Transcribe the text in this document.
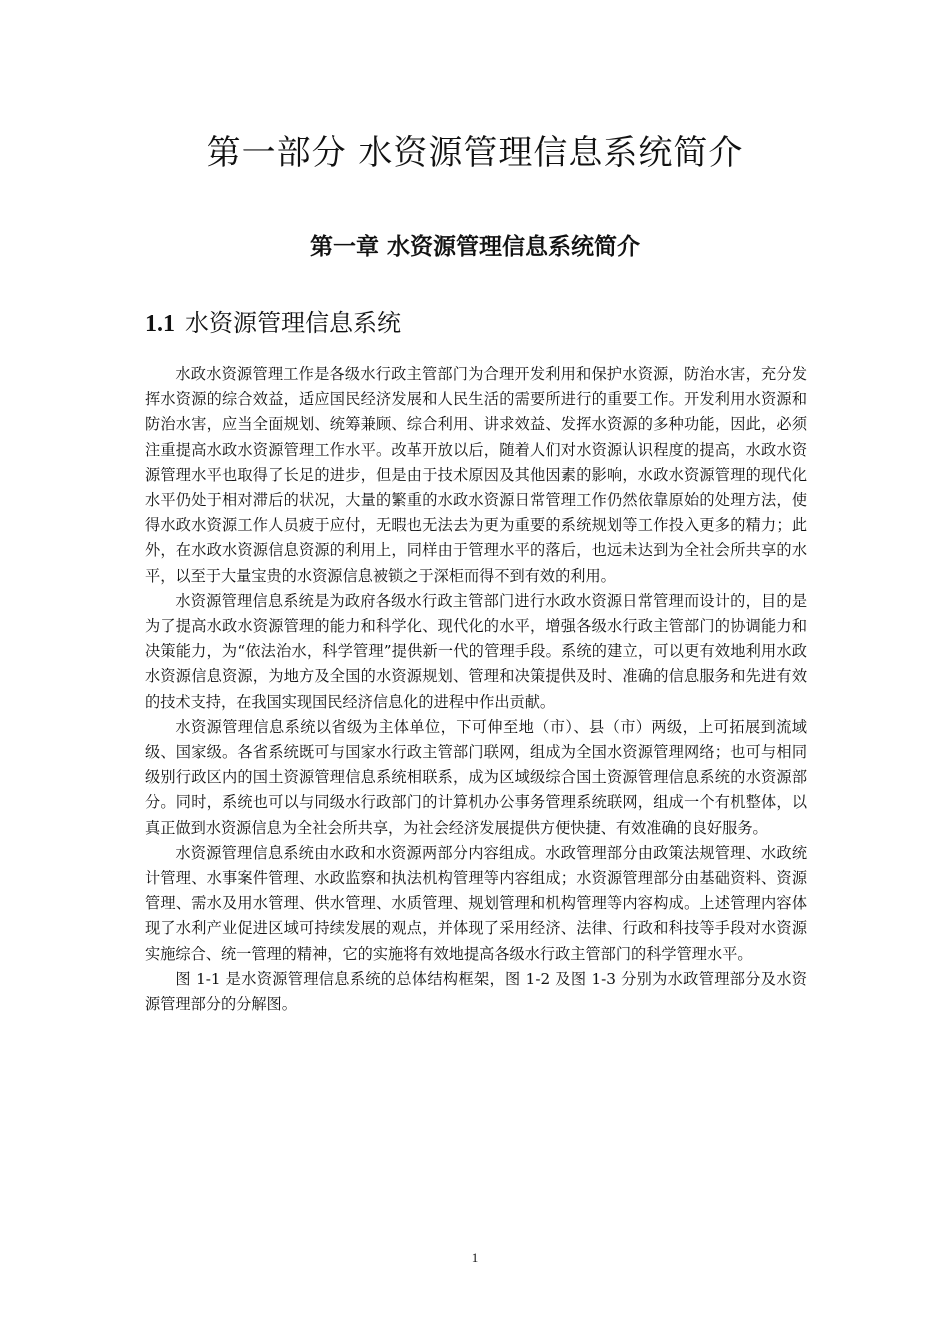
第一部分 水资源管理信息系统简介
第一章 水资源管理信息系统简介
1.1 水资源管理信息系统

水政水资源管理工作是各级水行政主管部门为合理开发利用和保护水资源，防治水害，充分发挥水资源的综合效益，适应国民经济发展和人民生活的需要所进行的重要工作。开发利用水资源和防治水害，应当全面规划、统筹兼顾、综合利用、讲求效益、发挥水资源的多种功能，因此，必须注重提高水政水资源管理工作水平。改革开放以后，随着人们对水资源认识程度的提高，水政水资源管理水平也取得了长足的进步，但是由于技术原因及其他因素的影响，水政水资源管理的现代化水平仍处于相对滞后的状况，大量的繁重的水政水资源日常管理工作仍然依靠原始的处理方法，使得水政水资源工作人员疲于应付，无暇也无法去为更为重要的系统规划等工作投入更多的精力；此外，在水政水资源信息资源的利用上，同样由于管理水平的落后，也远未达到为全社会所共享的水平，以至于大量宝贵的水资源信息被锁之于深柜而得不到有效的利用。

水资源管理信息系统是为政府各级水行政主管部门进行水政水资源日常管理而设计的，目的是为了提高水政水资源管理的能力和科学化、现代化的水平，增强各级水行政主管部门的协调能力和决策能力，为“依法治水，科学管理”提供新一代的管理手段。系统的建立，可以更有效地利用水政水资源信息资源，为地方及全国的水资源规划、管理和决策提供及时、准确的信息服务和先进有效的技术支持，在我国实现国民经济信息化的进程中作出贡献。

水资源管理信息系统以省级为主体单位，下可伸至地（市）、县（市）两级，上可拓展到流域级、国家级。各省系统既可与国家水行政主管部门联网，组成为全国水资源管理网络；也可与相同级别行政区内的国土资源管理信息系统相联系，成为区域级综合国土资源管理信息系统的水资源部分。同时，系统也可以与同级水行政部门的计算机办公事务管理系统联网，组成一个有机整体，以真正做到水资源信息为全社会所共享，为社会经济发展提供方便快捷、有效准确的良好服务。

水资源管理信息系统由水政和水资源两部分内容组成。水政管理部分由政策法规管理、水政统计管理、水事案件管理、水政监察和执法机构管理等内容组成；水资源管理部分由基础资料、资源管理、需水及用水管理、供水管理、水质管理、规划管理和机构管理等内容构成。上述管理内容体现了水利产业促进区域可持续发展的观点，并体现了采用经济、法律、行政和科技等手段对水资源实施综合、统一管理的精神，它的实施将有效地提高各级水行政主管部门的科学管理水平。

图 1-1 是水资源管理信息系统的总体结构框架，图 1-2 及图 1-3 分别为水政管理部分及水资源管理部分的分解图。

1
